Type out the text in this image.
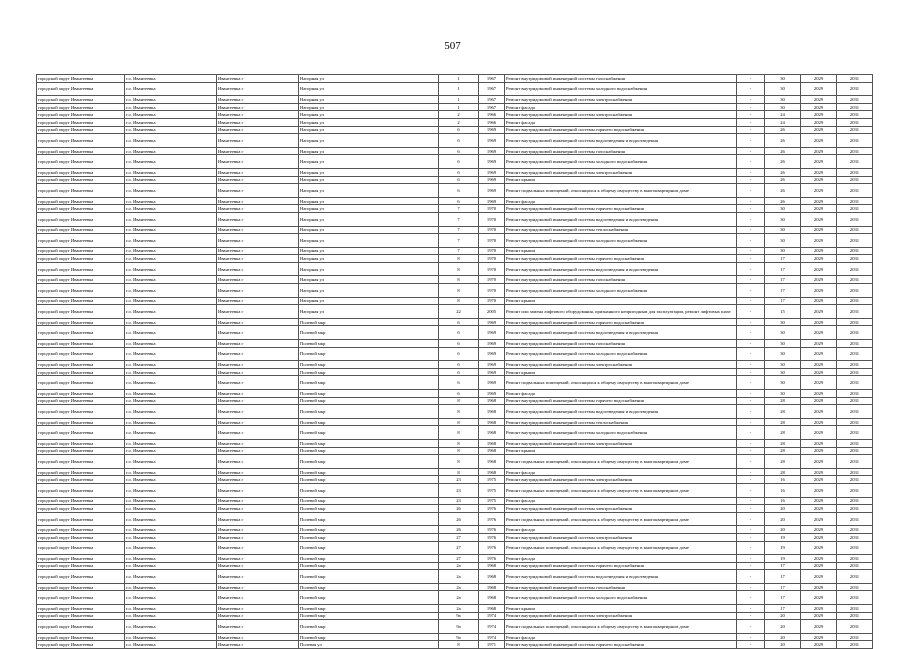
507
городской округ Ивантеевка	г.о. Ивантеевка	Ивантеевка г	Нагорная ул	1	1967	Ремонт внутридомовой инженерной системы газоснабжения	-	30	2029	2031
городской округ Ивантеевка	г.о. Ивантеевка	Ивантеевка г	Нагорная ул	1	1967	Ремонт внутридомовой инженерной системы холодного водоснабжения	-	30	2029	2031
городской округ Ивантеевка	г.о. Ивантеевка	Ивантеевка г	Нагорная ул	1	1967	Ремонт внутридомовой инженерной системы электроснабжения	-	30	2029	2031
городской округ Ивантеевка	г.о. Ивантеевка	Ивантеевка г	Нагорная ул	1	1967	Ремонт фасада	-	30	2029	2031
городской округ Ивантеевка	г.о. Ивантеевка	Ивантеевка г	Нагорная ул	2	1966	Ремонт внутридомовой инженерной системы электроснабжения	-	24	2029	2031
городской округ Ивантеевка	г.о. Ивантеевка	Ивантеевка г	Нагорная ул	2	1966	Ремонт фасада	-	24	2029	2031
городской округ Ивантеевка	г.о. Ивантеевка	Ивантеевка г	Нагорная ул	6	1969	Ремонт внутридомовой инженерной системы горячего водоснабжения	-	26	2029	2031
городской округ Ивантеевка	г.о. Ивантеевка	Ивантеевка г	Нагорная ул	6	1969	Ремонт внутридомовой инженерной системы водоотведения и водоотведения	-	26	2029	2031
городской округ Ивантеевка	г.о. Ивантеевка	Ивантеевка г	Нагорная ул	6	1969	Ремонт внутридомовой инженерной системы газоснабжения	-	26	2029	2031
городской округ Ивантеевка	г.о. Ивантеевка	Ивантеевка г	Нагорная ул	6	1969	Ремонт внутридомовой инженерной системы холодного водоснабжения	-	26	2029	2031
городской округ Ивантеевка	г.о. Ивантеевка	Ивантеевка г	Нагорная ул	6	1969	Ремонт внутридомовой инженерной системы электроснабжения	-	26	2029	2031
городской округ Ивантеевка	г.о. Ивантеевка	Ивантеевка г	Нагорная ул	6	1969	Ремонт крыши	-	26	2029	2031
городской округ Ивантеевка	г.о. Ивантеевка	Ивантеевка г	Нагорная ул	6	1969	Ремонт подвальных помещений, относящихся к общему имуществу в многоквартирном доме	-	26	2029	2031
городской округ Ивантеевка	г.о. Ивантеевка	Ивантеевка г	Нагорная ул	6	1969	Ремонт фасада	-	26	2029	2031
городской округ Ивантеевка	г.о. Ивантеевка	Ивантеевка г	Нагорная ул	7	1970	Ремонт внутридомовой инженерной системы горячего водоснабжения	-	30	2029	2031
городской округ Ивантеевка	г.о. Ивантеевка	Ивантеевка г	Нагорная ул	7	1970	Ремонт внутридомовой инженерной системы водоотведения и водоотведения	-	30	2029	2031
городской округ Ивантеевка	г.о. Ивантеевка	Ивантеевка г	Нагорная ул	7	1970	Ремонт внутридомовой инженерной системы теплоснабжения	-	30	2029	2031
городской округ Ивантеевка	г.о. Ивантеевка	Ивантеевка г	Нагорная ул	7	1970	Ремонт внутридомовой инженерной системы холодного водоснабжения	-	30	2029	2031
городской округ Ивантеевка	г.о. Ивантеевка	Ивантеевка г	Нагорная ул	7	1970	Ремонт крыши	-	30	2029	2031
городской округ Ивантеевка	г.о. Ивантеевка	Ивантеевка г	Нагорная ул	8	1970	Ремонт внутридомовой инженерной системы горячего водоснабжения	-	17	2029	2031
городской округ Ивантеевка	г.о. Ивантеевка	Ивантеевка г	Нагорная ул	8	1970	Ремонт внутридомовой инженерной системы водоотведения и водоотведения	-	17	2029	2031
городской округ Ивантеевка	г.о. Ивантеевка	Ивантеевка г	Нагорная ул	8	1970	Ремонт внутридомовой инженерной системы газоснабжения	-	17	2029	2031
городской округ Ивантеевка	г.о. Ивантеевка	Ивантеевка г	Нагорная ул	8	1970	Ремонт внутридомовой инженерной системы холодного водоснабжения	-	17	2029	2031
городской округ Ивантеевка	г.о. Ивантеевка	Ивантеевка г	Нагорная ул	8	1970	Ремонт крыши	-	17	2029	2031
городской округ Ивантеевка	г.о. Ивантеевка	Ивантеевка г	Нагорная ул	22	2005	Ремонт или замена лифтового оборудования, признанного непригодным для эксплуатации, ремонт лифтовых шахт	-	15	2029	2031
городской округ Ивантеевка	г.о. Ивантеевка	Ивантеевка г	Полевой мкр	6	1969	Ремонт внутридомовой инженерной системы горячего водоснабжения	-	30	2029	2031
городской округ Ивантеевка	г.о. Ивантеевка	Ивантеевка г	Полевой мкр	6	1969	Ремонт внутридомовой инженерной системы водоотведения и водоотведения	-	30	2029	2031
городской округ Ивантеевка	г.о. Ивантеевка	Ивантеевка г	Полевой мкр	6	1969	Ремонт внутридомовой инженерной системы газоснабжения	-	30	2029	2031
городской округ Ивантеевка	г.о. Ивантеевка	Ивантеевка г	Полевой мкр	6	1969	Ремонт внутридомовой инженерной системы холодного водоснабжения	-	30	2029	2031
городской округ Ивантеевка	г.о. Ивантеевка	Ивантеевка г	Полевой мкр	6	1969	Ремонт внутридомовой инженерной системы электроснабжения	-	30	2029	2031
городской округ Ивантеевка	г.о. Ивантеевка	Ивантеевка г	Полевой мкр	6	1969	Ремонт крыши	-	30	2029	2031
городской округ Ивантеевка	г.о. Ивантеевка	Ивантеевка г	Полевой мкр	6	1969	Ремонт подвальных помещений, относящихся к общему имуществу в многоквартирном доме	-	30	2029	2031
городской округ Ивантеевка	г.о. Ивантеевка	Ивантеевка г	Полевой мкр	6	1969	Ремонт фасада	-	30	2029	2031
городской округ Ивантеевка	г.о. Ивантеевка	Ивантеевка г	Полевой мкр	8	1968	Ремонт внутридомовой инженерной системы горячего водоснабжения	-	28	2029	2031
городской округ Ивантеевка	г.о. Ивантеевка	Ивантеевка г	Полевой мкр	8	1968	Ремонт внутридомовой инженерной системы водоотведения и водоотведения	-	28	2029	2031
городской округ Ивантеевка	г.о. Ивантеевка	Ивантеевка г	Полевой мкр	8	1968	Ремонт внутридомовой инженерной системы теплоснабжения	-	28	2029	2031
городской округ Ивантеевка	г.о. Ивантеевка	Ивантеевка г	Полевой мкр	8	1968	Ремонт внутридомовой инженерной системы холодного водоснабжения	-	28	2029	2031
городской округ Ивантеевка	г.о. Ивантеевка	Ивантеевка г	Полевой мкр	8	1968	Ремонт внутридомовой инженерной системы электроснабжения	-	28	2029	2031
городской округ Ивантеевка	г.о. Ивантеевка	Ивантеевка г	Полевой мкр	8	1968	Ремонт крыши	-	28	2029	2031
городской округ Ивантеевка	г.о. Ивантеевка	Ивантеевка г	Полевой мкр	8	1968	Ремонт подвальных помещений, относящихся к общему имуществу в многоквартирном доме	-	28	2029	2031
городской округ Ивантеевка	г.о. Ивантеевка	Ивантеевка г	Полевой мкр	8	1968	Ремонт фасада	-	28	2029	2031
городской округ Ивантеевка	г.о. Ивантеевка	Ивантеевка г	Полевой мкр	23	1975	Ремонт внутридомовой инженерной системы электроснабжения	-	16	2029	2031
городской округ Ивантеевка	г.о. Ивантеевка	Ивантеевка г	Полевой мкр	23	1975	Ремонт подвальных помещений, относящихся к общему имуществу в многоквартирном доме	-	16	2029	2031
городской округ Ивантеевка	г.о. Ивантеевка	Ивантеевка г	Полевой мкр	23	1975	Ремонт фасада	-	16	2029	2031
городской округ Ивантеевка	г.о. Ивантеевка	Ивантеевка г	Полевой мкр	26	1976	Ремонт внутридомовой инженерной системы электроснабжения	-	20	2029	2031
городской округ Ивантеевка	г.о. Ивантеевка	Ивантеевка г	Полевой мкр	26	1976	Ремонт подвальных помещений, относящихся к общему имуществу в многоквартирном доме	-	20	2029	2031
городской округ Ивантеевка	г.о. Ивантеевка	Ивантеевка г	Полевой мкр	26	1976	Ремонт фасада	-	20	2029	2031
городской округ Ивантеевка	г.о. Ивантеевка	Ивантеевка г	Полевой мкр	27	1976	Ремонт внутридомовой инженерной системы электроснабжения	-	19	2029	2031
городской округ Ивантеевка	г.о. Ивантеевка	Ивантеевка г	Полевой мкр	27	1976	Ремонт подвальных помещений, относящихся к общему имуществу в многоквартирном доме	-	19	2029	2031
городской округ Ивантеевка	г.о. Ивантеевка	Ивантеевка г	Полевой мкр	27	1976	Ремонт фасада	-	19	2029	2031
городской округ Ивантеевка	г.о. Ивантеевка	Ивантеевка г	Полевой мкр	2а	1968	Ремонт внутридомовой инженерной системы горячего водоснабжения	-	17	2029	2031
городской округ Ивантеевка	г.о. Ивантеевка	Ивантеевка г	Полевой мкр	2а	1968	Ремонт внутридомовой инженерной системы водоотведения и водоотведения	-	17	2029	2031
городской округ Ивантеевка	г.о. Ивантеевка	Ивантеевка г	Полевой мкр	2а	1968	Ремонт внутридомовой инженерной системы газоснабжения	-	17	2029	2031
городской округ Ивантеевка	г.о. Ивантеевка	Ивантеевка г	Полевой мкр	2а	1968	Ремонт внутридомовой инженерной системы холодного водоснабжения	-	17	2029	2031
городской округ Ивантеевка	г.о. Ивантеевка	Ивантеевка г	Полевой мкр	2а	1968	Ремонт крыши	-	17	2029	2031
городской округ Ивантеевка	г.о. Ивантеевка	Ивантеевка г	Полевой мкр	9а	1974	Ремонт внутридомовой инженерной системы электроснабжения	-	20	2029	2031
городской округ Ивантеевка	г.о. Ивантеевка	Ивантеевка г	Полевой мкр	9а	1974	Ремонт подвальных помещений, относящихся к общему имуществу в многоквартирном доме	-	20	2029	2031
городской округ Ивантеевка	г.о. Ивантеевка	Ивантеевка г	Полевой мкр	9а	1974	Ремонт фасада	-	20	2029	2031
городской округ Ивантеевка	г.о. Ивантеевка	Ивантеевка г	Полевая ул	8	1971	Ремонт внутридомовой инженерной системы горячего водоснабжения	-	20	2029	2031
